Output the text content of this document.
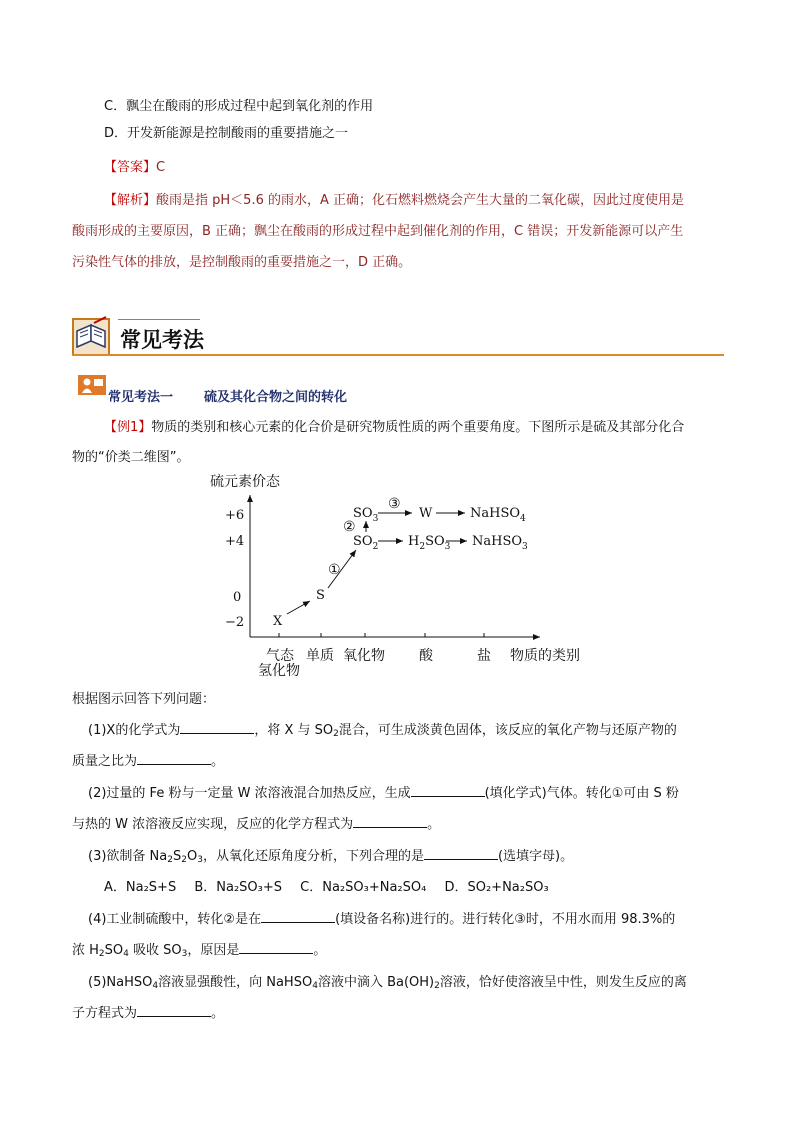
C．飘尘在酸雨的形成过程中起到氧化剂的作用
D．开发新能源是控制酸雨的重要措施之一
【答案】C
【解析】酸雨是指 pH＜5.6 的雨水，A 正确；化石燃料燃烧会产生大量的二氧化碳，因此过度使用是
酸雨形成的主要原因，B 正确；飘尘在酸雨的形成过程中起到催化剂的作用，C 错误；开发新能源可以产生
污染性气体的排放，是控制酸雨的重要措施之一，D 正确。
常见考法
常见考法一 硫及其化合物之间的转化
【例1】物质的类别和核心元素的化合价是研究物质性质的两个重要角度。下图所示是硫及其部分化合
物的“价类二维图”。
硫元素价态
物质的类别
+6
+4
0
−2
气态
氢化物
单质 氧化物 酸	盐
X
S
$SO_3$
$SO_2$
W
$H_2SO_3$
NaHSO$_4$
NaHSO$_3$
①
②
③
根据图示回答下列问题：
(1)X的化学式为	，将 X 与 $SO_2$混合，可生成淡黄色固体，该反应的氧化产物与还原产物的
质量之比为	。
(2)过量的 Fe 粉与一定量 W 浓溶液混合加热反应，生成	(填化学式)气体。转化①可由 S 粉
与热的 W 浓溶液反应实现，反应的化学方程式为	。
(3)欲制备 $Na_2S_2O_3$，从氧化还原角度分析，下列合理的是	(选填字母)。
A．Na₂S+S B．Na₂SO₃+S C．Na₂SO₃+Na₂SO₄ D．SO₂+Na₂SO₃
(4)工业制硫酸中，转化②是在	(填设备名称)进行的。进行转化③时，不用水而用 98.3%的
浓 $H_2SO_4$ 吸收 $SO_3$，原因是	。
(5)NaHSO$_4$溶液显强酸性，向 NaHSO$_4$溶液中滴入 $Ba(OH)_2$溶液，恰好使溶液呈中性，则发生反应的离
子方程式为	。
